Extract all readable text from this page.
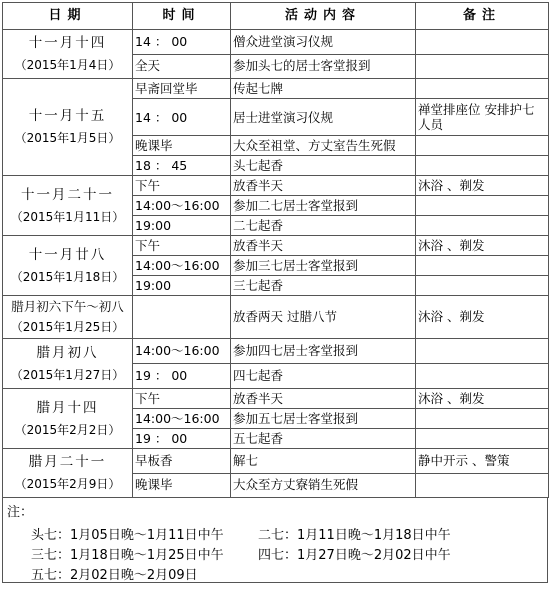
日期	时间	活动内容	备注

十一月十四
（2015年1月4日）	14 ： 00	僧众进堂演习仪规	
	全天	参加头七的居士客堂报到	

十一月十五
（2015年1月5日）	早斋回堂毕	传起七牌	
	14 ： 00	居士进堂演习仪规	禅堂排座位 安排护七人员
	晚课毕	大众至祖堂、方丈室告生死假	
	18 ： 45	头七起香	

十一月二十一
（2015年1月11日）	下午	放香半天	沐浴 、剃发
	14:00～16:00	参加二七居士客堂报到	
	19:00	二七起香	

十一月廿八
（2015年1月18日）	下午	放香半天	沐浴 、剃发
	14:00～16:00	参加三七居士客堂报到	
	19:00	三七起香	

腊月初六下午～初八
（2015年1月25日）		放香两天 过腊八节	沐浴 、剃发

腊月初八
（2015年1月27日）	14:00～16:00	参加四七居士客堂报到	
	19 ： 00	四七起香	

腊月十四
（2015年2月2日）	下午	放香半天	沐浴 、剃发
	14:00～16:00	参加五七居士客堂报到	
	19 ： 00	五七起香	

腊月二十一
（2015年2月9日）	早板香	解七	静中开示 、警策
	晚课毕	大众至方丈寮销生死假	
注：
头七：1月05日晚～1月11日中午	二七：1月11日晚～1月18日中午
三七：1月18日晚～1月25日中午	四七：1月27日晚～2月02日中午
五七：2月02日晚～2月09日
